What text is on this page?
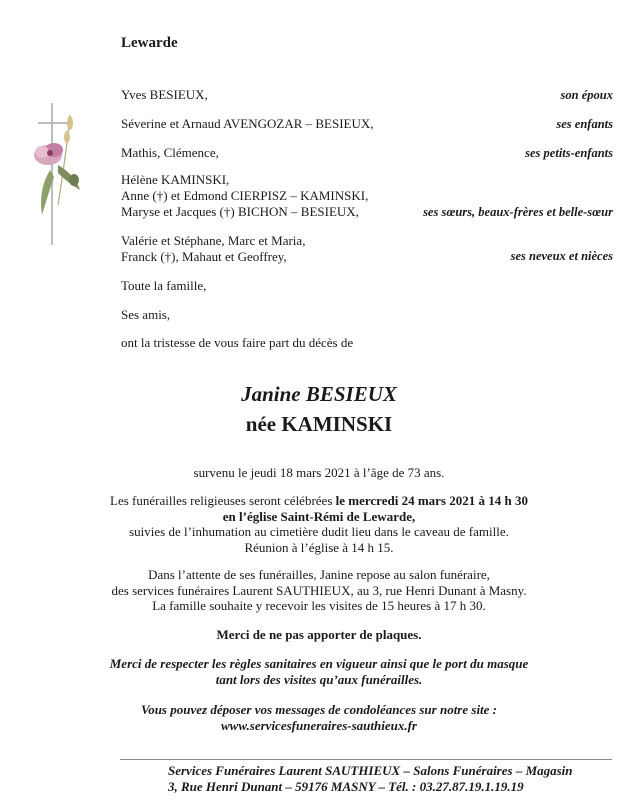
Lewarde
Yves BESIEUX,	son époux
Séverine et Arnaud AVENGOZAR – BESIEUX,	ses enfants
Mathis, Clémence,	ses petits-enfants
Hélène KAMINSKI,
Anne (†) et Edmond CIERPISZ – KAMINSKI,
Maryse et Jacques (†) BICHON – BESIEUX,	ses sœurs, beaux-frères et belle-sœur
Valérie et Stéphane, Marc et Maria,
Franck (†), Mahaut et Geoffrey,	ses neveux et nièces
Toute la famille,
Ses amis,
ont la tristesse de vous faire part du décès de
Janine BESIEUX
née KAMINSKI
survenu le jeudi 18 mars 2021 à l’âge de 73 ans.
Les funérailles religieuses seront célébrées le mercredi 24 mars 2021 à 14 h 30
en l’église Saint-Rémi de Lewarde,
suivies de l’inhumation au cimetière dudit lieu dans le caveau de famille.
Réunion à l’église à 14 h 15.
Dans l’attente de ses funérailles, Janine repose au salon funéraire,
des services funéraires Laurent SAUTHIEUX, au 3, rue Henri Dunant à Masny.
La famille souhaite y recevoir les visites de 15 heures à 17 h 30.
Merci de ne pas apporter de plaques.
Merci de respecter les règles sanitaires en vigueur ainsi que le port du masque
tant lors des visites qu’aux funérailles.
Vous pouvez déposer vos messages de condoléances sur notre site :
www.servicesfuneraires-sauthieux.fr
Services Funéraires Laurent SAUTHIEUX – Salons Funéraires – Magasin
3, Rue Henri Dunant – 59176 MASNY – Tél. : 03.27.87.19.1.19.19
